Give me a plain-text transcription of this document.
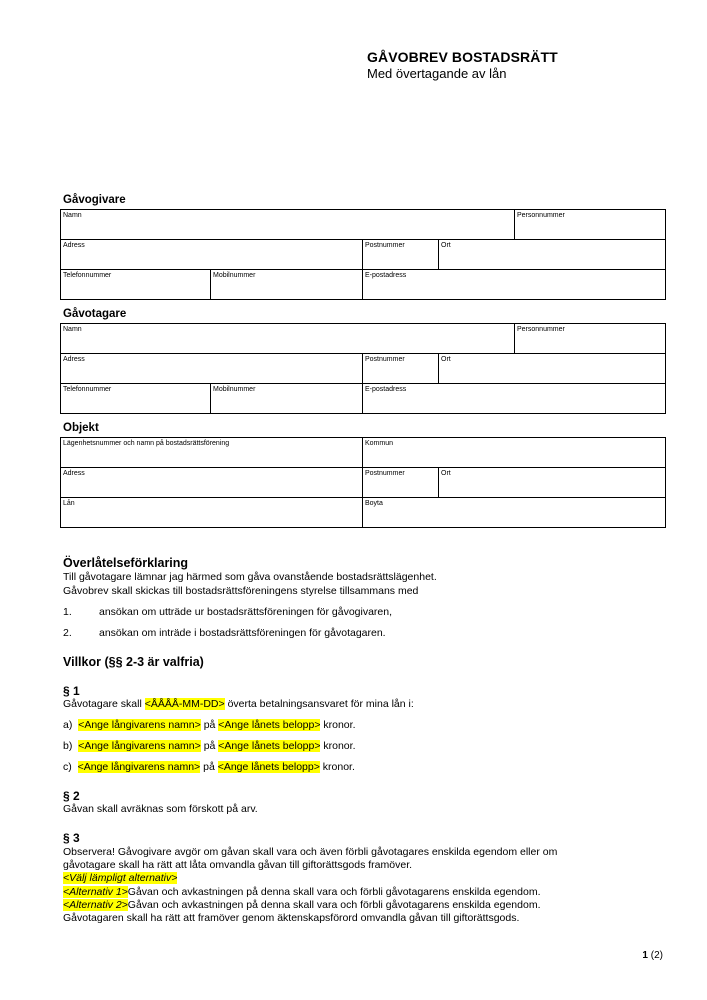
GÅVOBREV BOSTADSRÄTT
Med övertagande av lån
Gåvogivare
Namn				Personnummer
Adress		Postnummer	Ort	
Telefonnummer	Mobilnummer	E-postadress		
Gåvotagare
Namn				Personnummer
Adress		Postnummer	Ort	
Telefonnummer	Mobilnummer	E-postadress		
Objekt
Lägenhetsnummer och namn på bostadsrättsförening	Kommun	
Adress	Postnummer	Ort
Lån	Boyta	
Överlåtelseförklaring
Till gåvotagare lämnar jag härmed som gåva ovanstående bostadsrättslägenhet.
Gåvobrev skall skickas till bostadsrättsföreningens styrelse tillsammans med
1.	ansökan om utträde ur bostadsrättsföreningen för gåvogivaren,
2.	ansökan om inträde i bostadsrättsföreningen för gåvotagaren.
Villkor (§§ 2-3 är valfria)
§ 1
Gåvotagare skall <ÅÅÅÅ-MM-DD> överta betalningsansvaret för mina lån i:
a) <Ange långivarens namn> på <Ange lånets belopp> kronor.
b) <Ange långivarens namn> på <Ange lånets belopp> kronor.
c) <Ange långivarens namn> på <Ange lånets belopp> kronor.
§ 2
Gåvan skall avräknas som förskott på arv.
§ 3
Observera! Gåvogivare avgör om gåvan skall vara och även förbli gåvotagares enskilda egendom eller om
gåvotagare skall ha rätt att låta omvandla gåvan till giftorättsgods framöver.
<Välj lämpligt alternativ>
<Alternativ 1>Gåvan och avkastningen på denna skall vara och förbli gåvotagarens enskilda egendom.
<Alternativ 2>Gåvan och avkastningen på denna skall vara och förbli gåvotagarens enskilda egendom.
Gåvotagaren skall ha rätt att framöver genom äktenskapsförord omvandla gåvan till giftorättsgods.
1 (2)
